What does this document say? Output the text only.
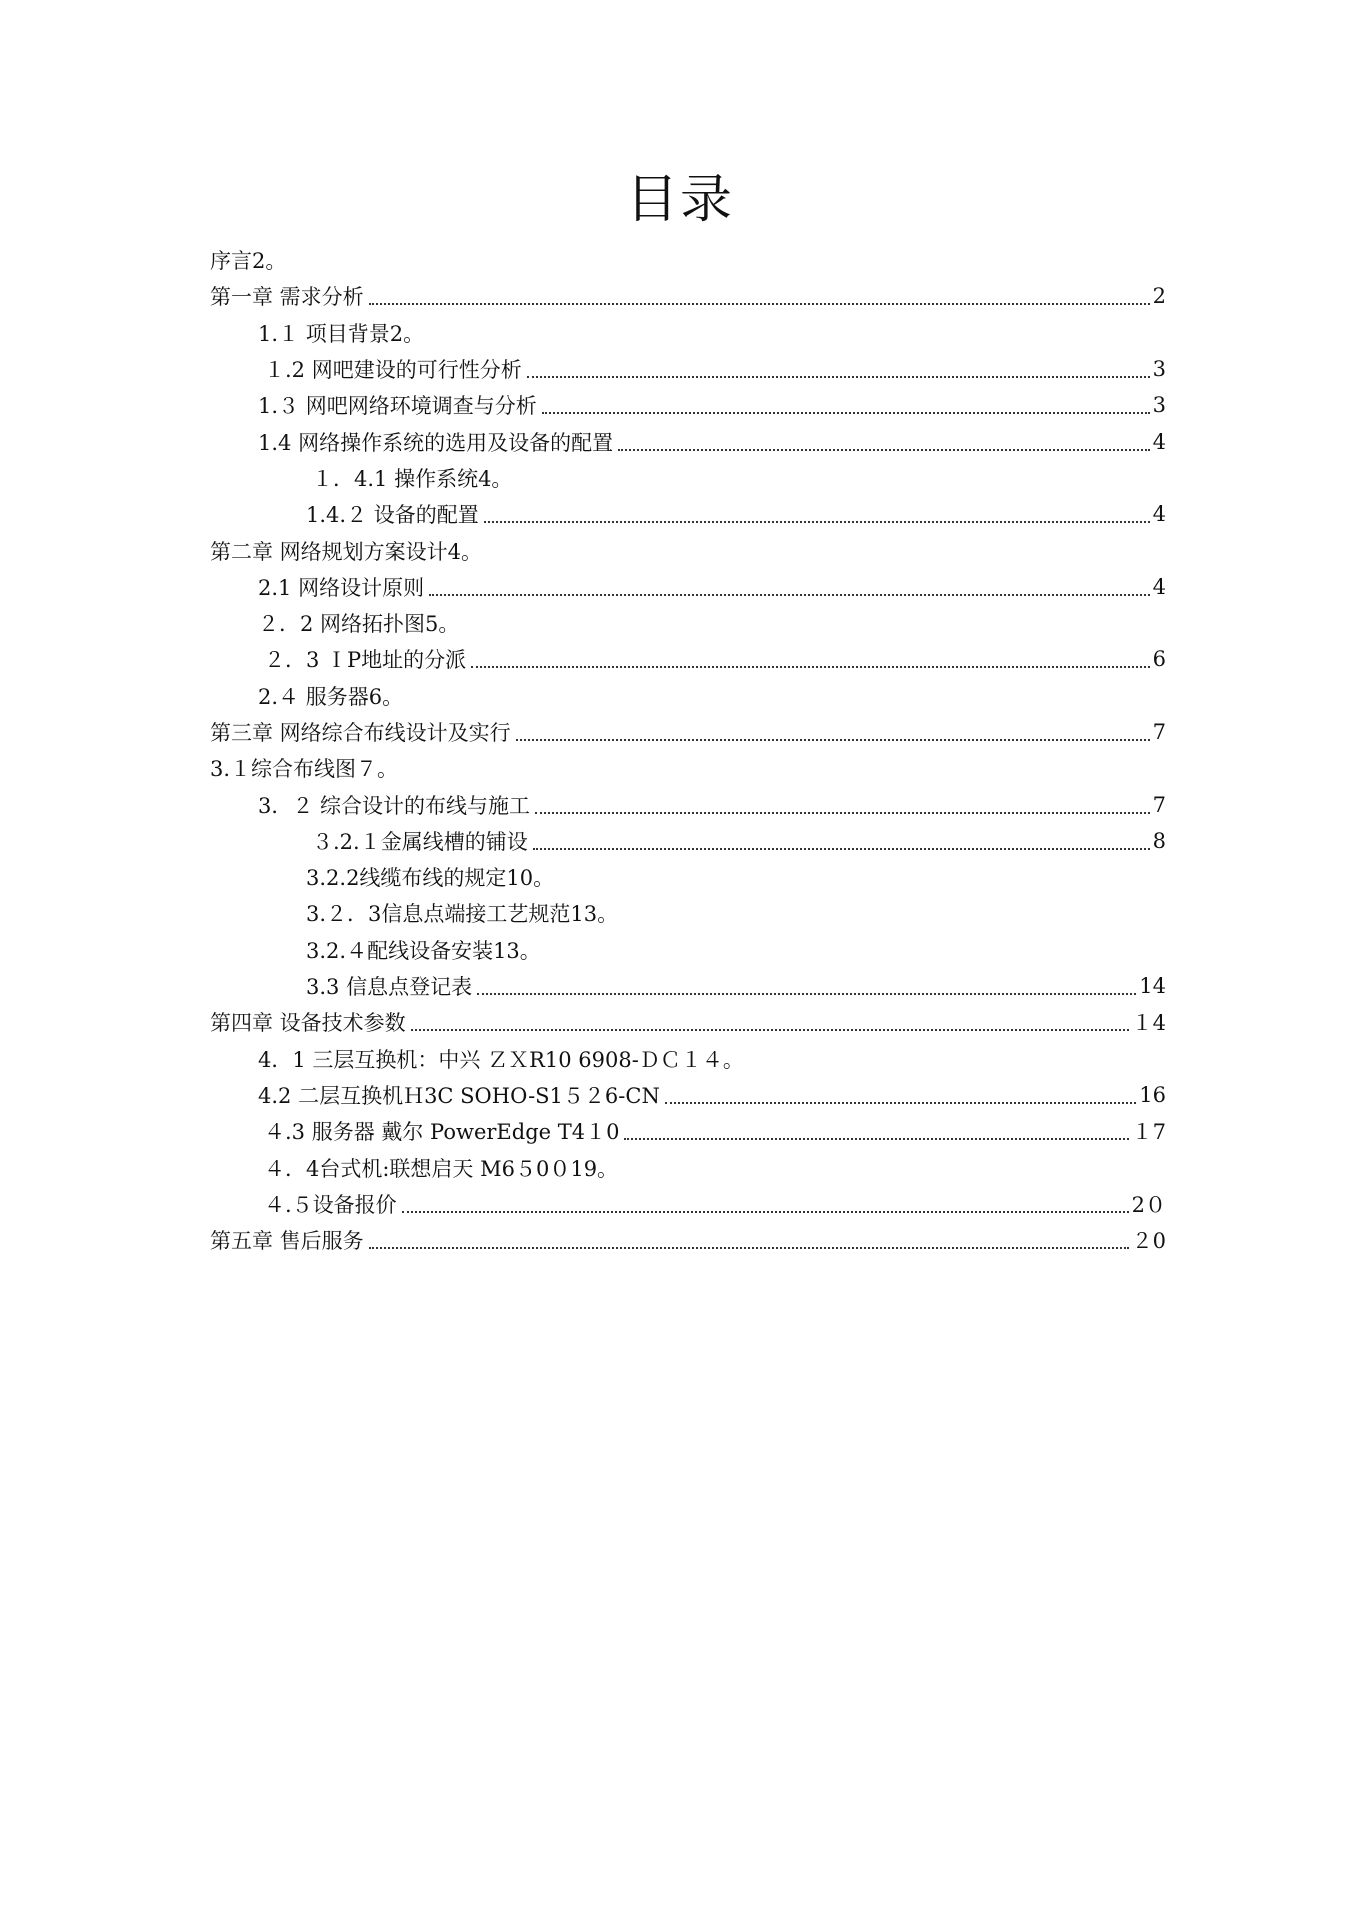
目录
序言2。
第一章 需求分析	2
1.１ 项目背景2。
１.2 网吧建设的可行性分析	3
1.３ 网吧网络环境调查与分析	3
1.4 网络操作系统的选用及设备的配置	4
１．4.1 操作系统4。
1.4.２ 设备的配置	4
第二章 网络规划方案设计4。
2.1 网络设计原则	4
２．2 网络拓扑图5。
２．3 ＩP地址的分派	6
2.４ 服务器6。
第三章 网络综合布线设计及实行	7
3.１综合布线图７。
3．２ 综合设计的布线与施工	7
３.2.１金属线槽的铺设	8
3.2.2线缆布线的规定10。
3.２．3信息点端接工艺规范13。
3.2.４配线设备安装13。
3.3 信息点登记表	14
第四章 设备技术参数	１4
4．1 三层互换机：中兴 ＺＸR10 6908-ＤＣ１４。
4.2 二层互换机Ｈ3C SOHO-S1５２6-CN	16
４.3 服务器 戴尔 PowerEdge T4１0	１7
４．4台式机:联想启天 M6５0０19。
４.５设备报价	2０
第五章 售后服务	２0
